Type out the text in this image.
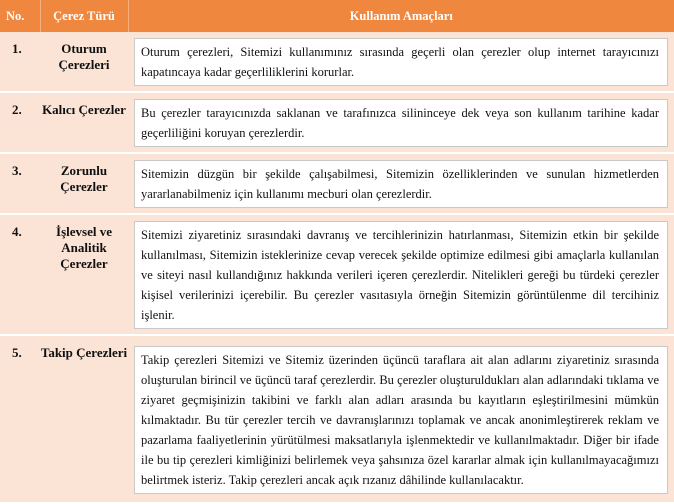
No.	Çerez Türü	Kullanım Amaçları
1.	Oturum Çerezleri	Oturum çerezleri, Sitemizi kullanımınız sırasında geçerli olan çerezler olup internet tarayıcınızı kapatıncaya kadar geçerliliklerini korurlar.

2.	Kalıcı Çerezler	Bu çerezler tarayıcınızda saklanan ve tarafınızca silininceye dek veya son kullanım tarihine kadar geçerliliğini koruyan çerezlerdir.

3.	Zorunlu Çerezler	Sitemizin düzgün bir şekilde çalışabilmesi, Sitemizin özelliklerinden ve sunulan hizmetlerden yararlanabilmeniz için kullanımı mecburi olan çerezlerdir.

4.	İşlevsel ve Analitik Çerezler	Sitemizi ziyaretiniz sırasındaki davranış ve tercihlerinizin hatırlanması, Sitemizin etkin bir şekilde kullanılması, Sitemizin isteklerinize cevap verecek şekilde optimize edilmesi gibi amaçlarla kullanılan ve siteyi nasıl kullandığınız hakkında verileri içeren çerezlerdir. Nitelikleri gereği bu türdeki çerezler kişisel verilerinizi içerebilir. Bu çerezler vasıtasıyla örneğin Sitemizin görüntülenme dil tercihiniz işlenir.

5.	Takip Çerezleri	Takip çerezleri Sitemizi ve Sitemiz üzerinden üçüncü taraflara ait alan adlarını ziyaretiniz sırasında oluşturulan birincil ve üçüncü taraf çerezlerdir. Bu çerezler oluşturuldukları alan adlarındaki tıklama ve ziyaret geçmişinizin takibini ve farklı alan adları arasında bu kayıtların eşleştirilmesini mümkün kılmaktadır. Bu tür çerezler tercih ve davranışlarınızı toplamak ve ancak anonimleştirerek reklam ve pazarlama faaliyetlerinin yürütülmesi maksatlarıyla işlenmektedir ve kullanılmaktadır. Diğer bir ifade ile bu tip çerezleri kimliğinizi belirlemek veya şahsınıza özel kararlar almak için kullanılmayacağımızı belirtmek isteriz. Takip çerezleri ancak açık rızanız dâhilinde kullanılacaktır.
